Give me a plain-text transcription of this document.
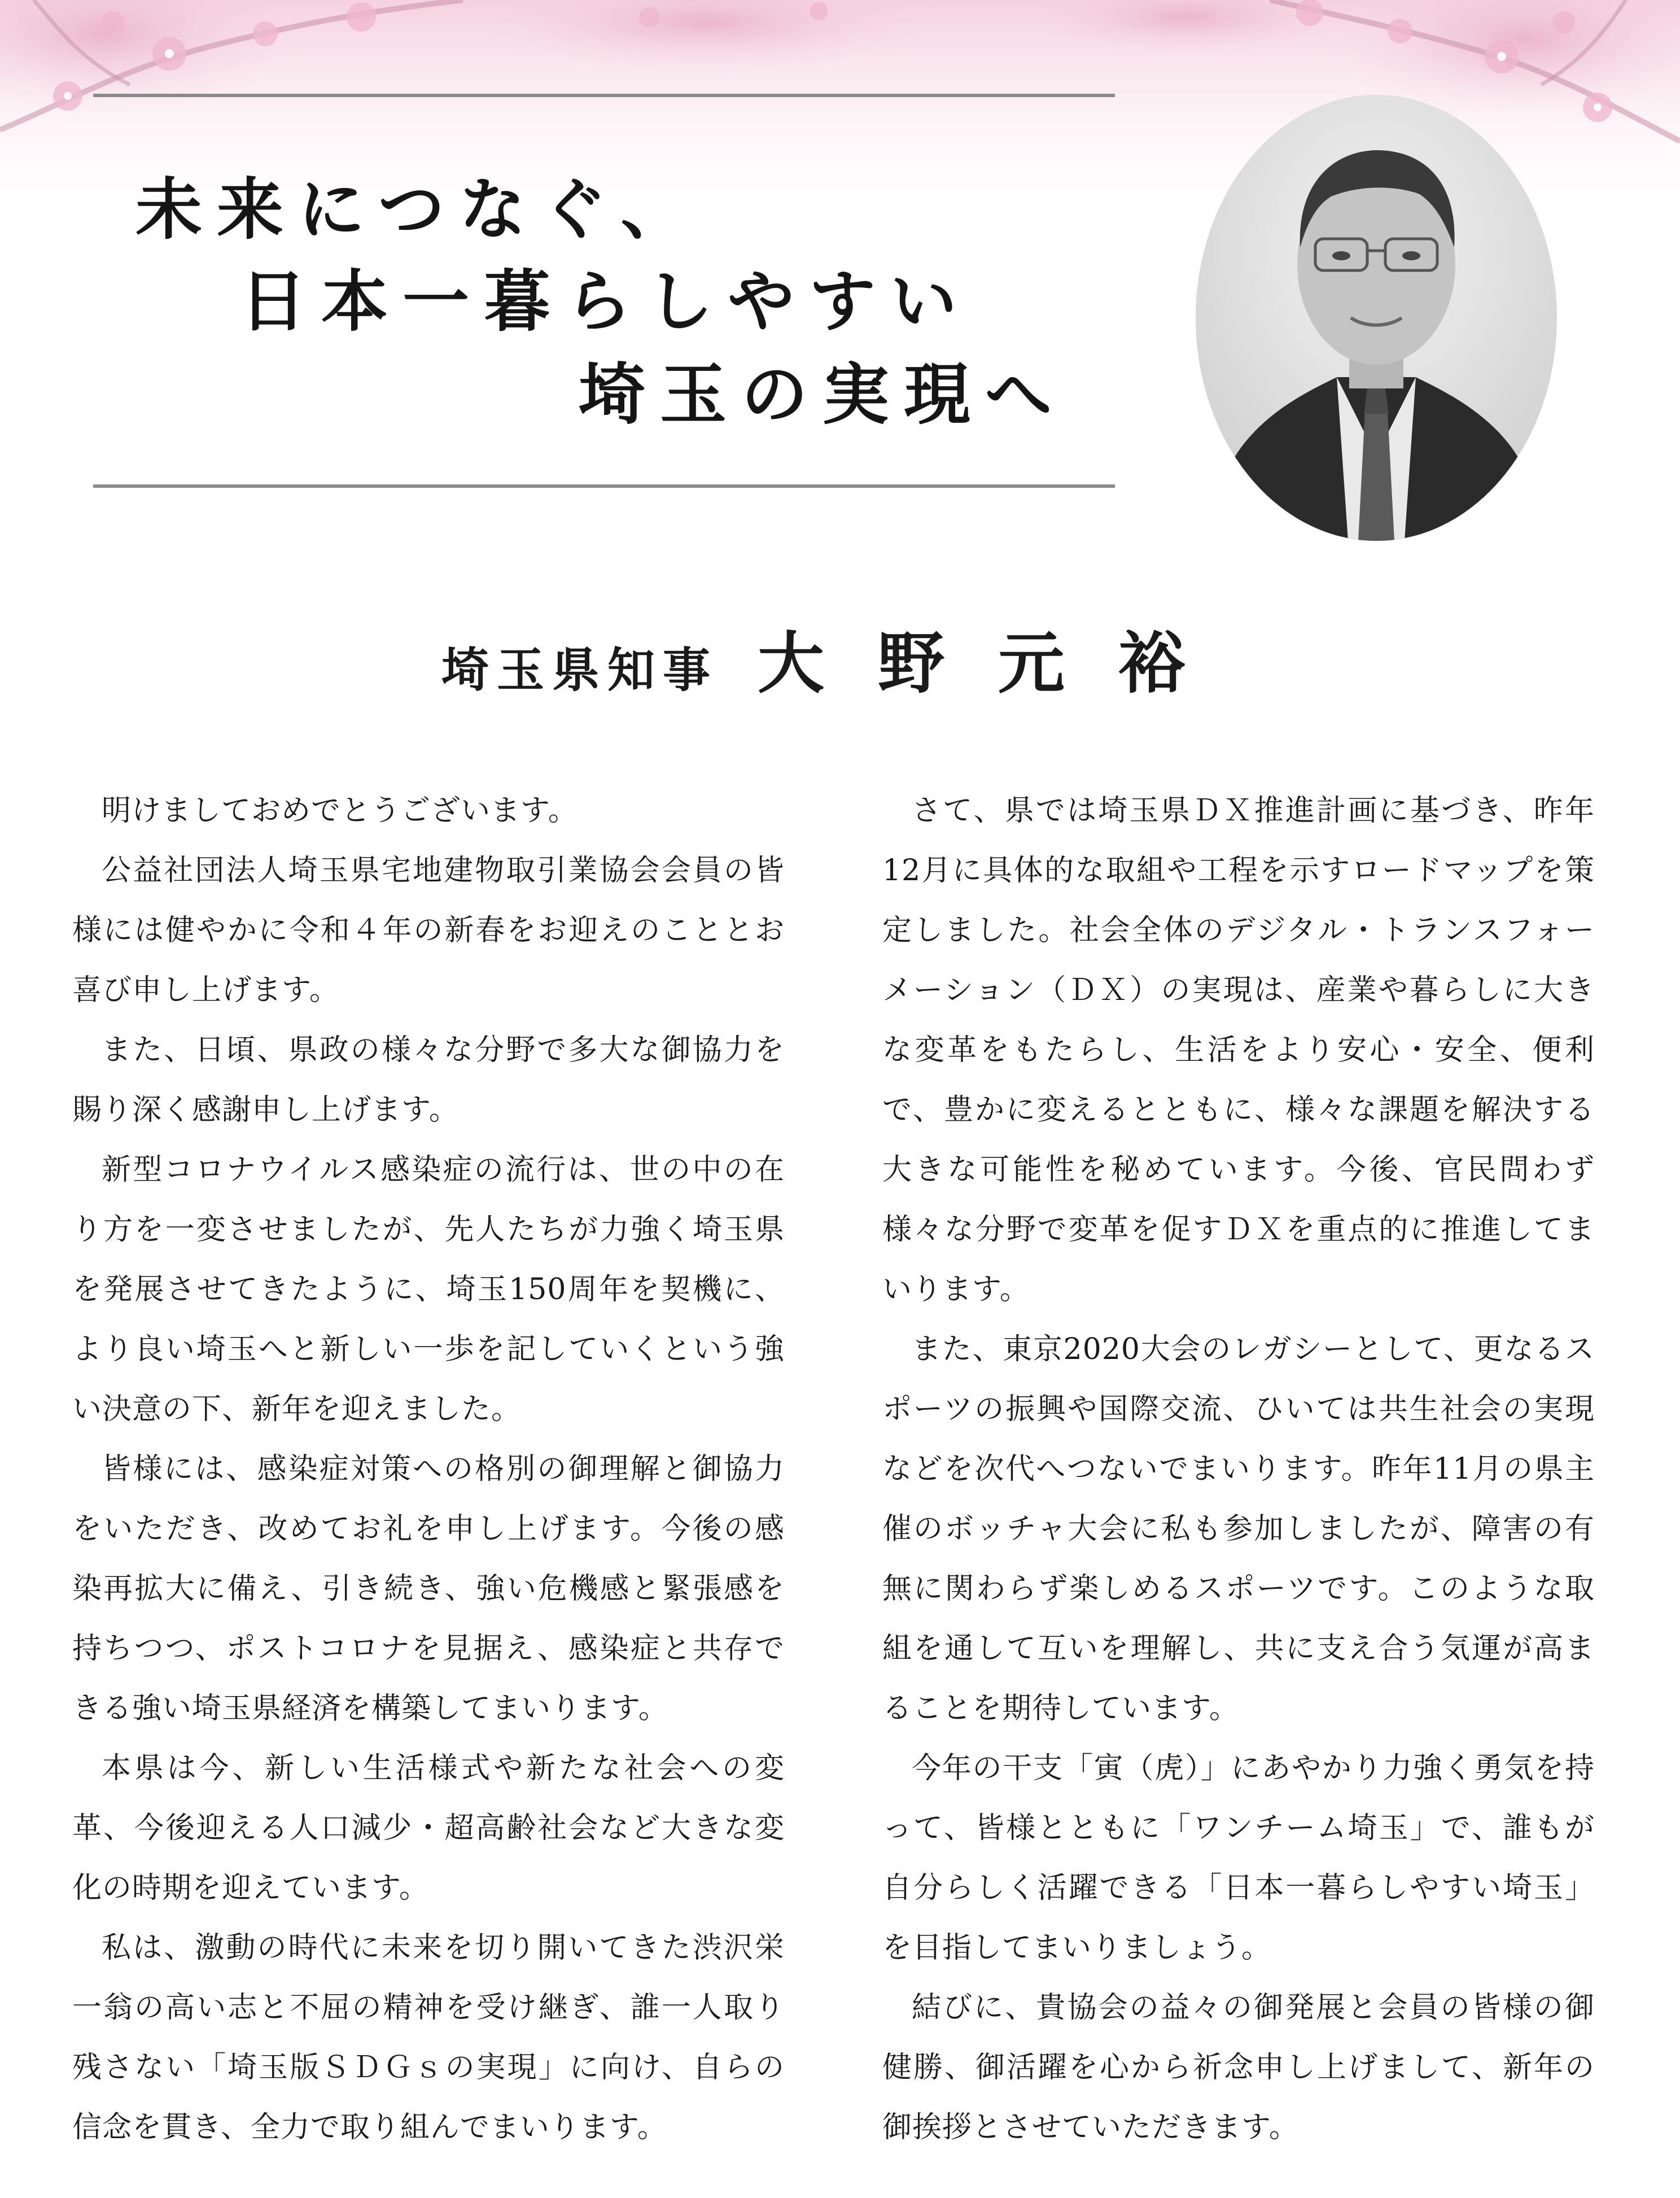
未来につなぐ、
日本一暮らしやすい
埼玉の実現へ
埼玉県知事 大野元裕

明けましておめでとうございます。

公益社団法人埼玉県宅地建物取引業協会会員の皆様には健やかに令和４年の新春をお迎えのこととお喜び申し上げます。

また、日頃、県政の様々な分野で多大な御協力を賜り深く感謝申し上げます。

新型コロナウイルス感染症の流行は、世の中の在り方を一変させましたが、先人たちが力強く埼玉県を発展させてきたように、埼玉150周年を契機に、より良い埼玉へと新しい一歩を記していくという強い決意の下、新年を迎えました。

皆様には、感染症対策への格別の御理解と御協力をいただき、改めてお礼を申し上げます。今後の感染再拡大に備え、引き続き、強い危機感と緊張感を持ちつつ、ポストコロナを見据え、感染症と共存できる強い埼玉県経済を構築してまいります。

本県は今、新しい生活様式や新たな社会への変革、今後迎える人口減少・超高齢社会など大きな変化の時期を迎えています。

私は、激動の時代に未来を切り開いてきた渋沢栄一翁の高い志と不屈の精神を受け継ぎ、誰一人取り残さない「埼玉版ＳＤＧｓの実現」に向け、自らの信念を貫き、全力で取り組んでまいります。

さて、県では埼玉県ＤＸ推進計画に基づき、昨年12月に具体的な取組や工程を示すロードマップを策定しました。社会全体のデジタル・トランスフォーメーション（ＤＸ）の実現は、産業や暮らしに大きな変革をもたらし、生活をより安心・安全、便利で、豊かに変えるとともに、様々な課題を解決する大きな可能性を秘めています。今後、官民問わず様々な分野で変革を促すＤＸを重点的に推進してまいります。

また、東京2020大会のレガシーとして、更なるスポーツの振興や国際交流、ひいては共生社会の実現などを次代へつないでまいります。昨年11月の県主催のボッチャ大会に私も参加しましたが、障害の有無に関わらず楽しめるスポーツです。このような取組を通して互いを理解し、共に支え合う気運が高まることを期待しています。

今年の干支「寅（虎）」にあやかり力強く勇気を持って、皆様とともに「ワンチーム埼玉」で、誰もが自分らしく活躍できる「日本一暮らしやすい埼玉」を目指してまいりましょう。

結びに、貴協会の益々の御発展と会員の皆様の御健勝、御活躍を心から祈念申し上げまして、新年の御挨拶とさせていただきます。
